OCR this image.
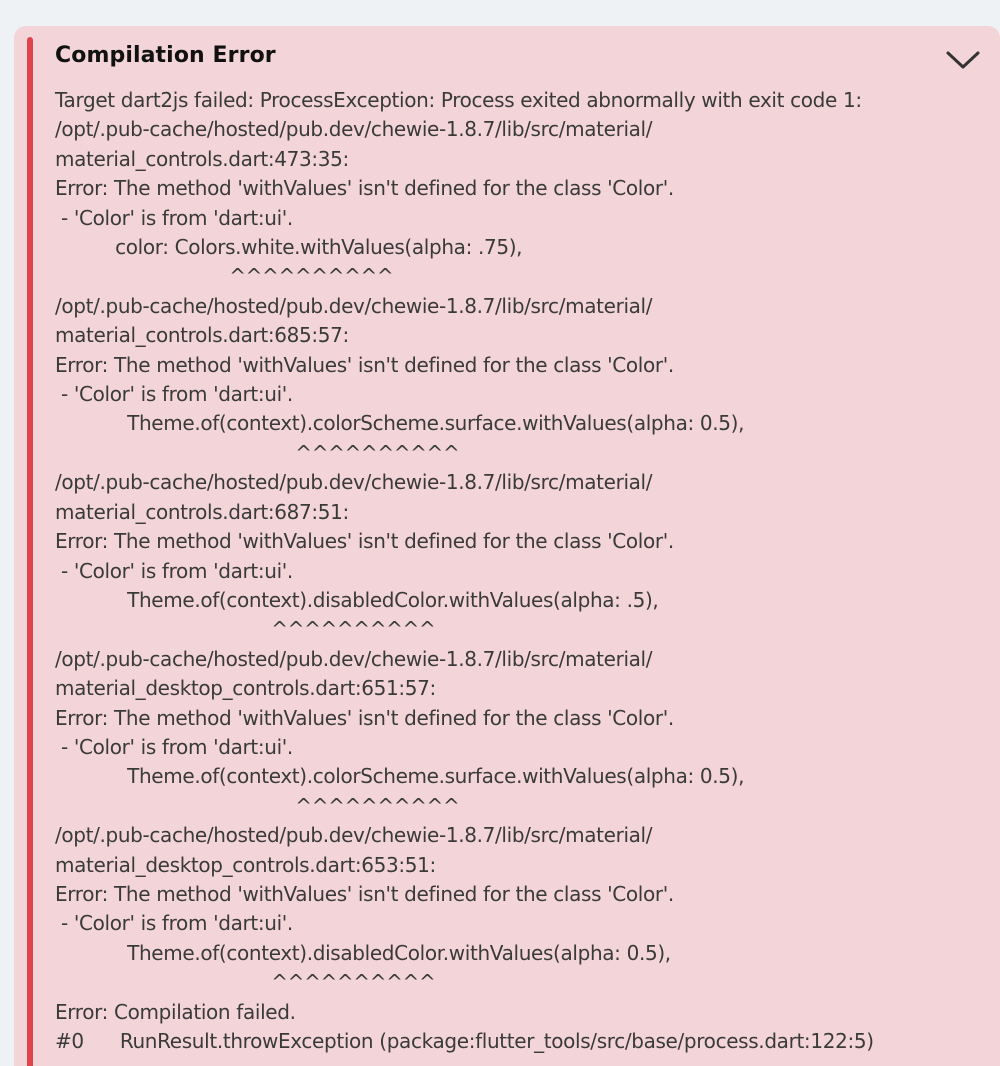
Compilation Error
Target dart2js failed: ProcessException: Process exited abnormally with exit code 1:
/opt/.pub-cache/hosted/pub.dev/chewie-1.8.7/lib/src/material/
material_controls.dart:473:35:
Error: The method 'withValues' isn't defined for the class 'Color'.
- 'Color' is from 'dart:ui'.
color: Colors.white.withValues(alpha: .75),
^^^^^^^^^^
/opt/.pub-cache/hosted/pub.dev/chewie-1.8.7/lib/src/material/
material_controls.dart:685:57:
Error: The method 'withValues' isn't defined for the class 'Color'.
- 'Color' is from 'dart:ui'.
Theme.of(context).colorScheme.surface.withValues(alpha: 0.5),
^^^^^^^^^^
/opt/.pub-cache/hosted/pub.dev/chewie-1.8.7/lib/src/material/
material_controls.dart:687:51:
Error: The method 'withValues' isn't defined for the class 'Color'.
- 'Color' is from 'dart:ui'.
Theme.of(context).disabledColor.withValues(alpha: .5),
^^^^^^^^^^
/opt/.pub-cache/hosted/pub.dev/chewie-1.8.7/lib/src/material/
material_desktop_controls.dart:651:57:
Error: The method 'withValues' isn't defined for the class 'Color'.
- 'Color' is from 'dart:ui'.
Theme.of(context).colorScheme.surface.withValues(alpha: 0.5),
^^^^^^^^^^
/opt/.pub-cache/hosted/pub.dev/chewie-1.8.7/lib/src/material/
material_desktop_controls.dart:653:51:
Error: The method 'withValues' isn't defined for the class 'Color'.
- 'Color' is from 'dart:ui'.
Theme.of(context).disabledColor.withValues(alpha: 0.5),
^^^^^^^^^^
Error: Compilation failed.
#0      RunResult.throwException (package:flutter_tools/src/base/process.dart:122:5)
